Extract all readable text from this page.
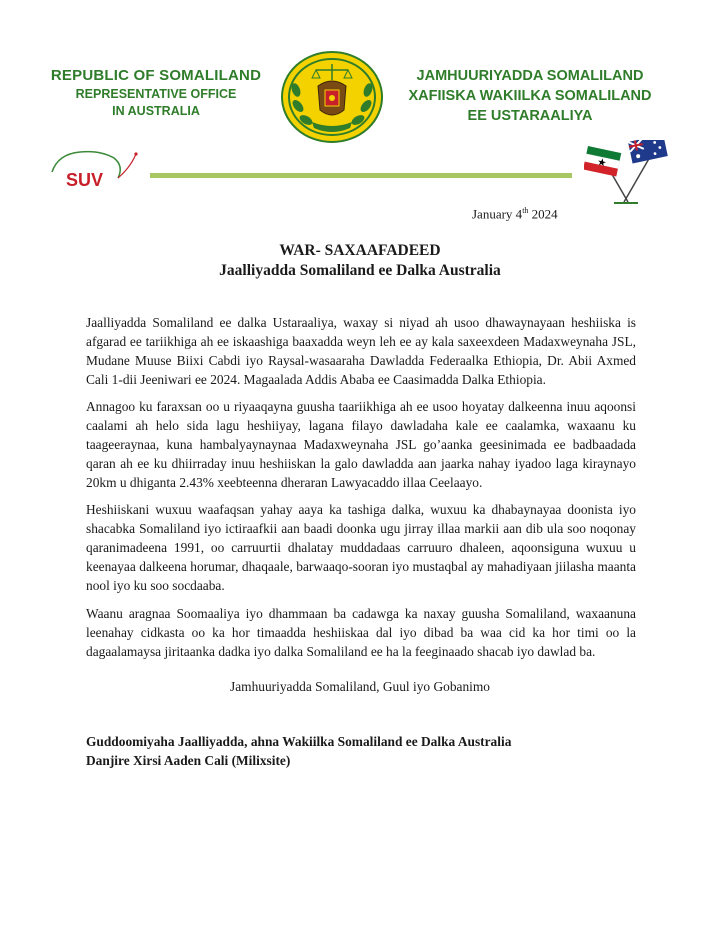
REPUBLIC OF SOMALILAND
REPRESENTATIVE OFFICE
IN AUSTRALIA
JAMHUURIYADDA SOMALILAND
XAFIISKA WAKIILKA SOMALILAND
EE USTARAALIYA
SUV
January 4th 2024
WAR- SAXAAFADEED
Jaalliyadda Somaliland ee Dalka Australia

Jaalliyadda Somaliland ee dalka Ustaraaliya, waxay si niyad ah usoo dhawaynayaan heshiiska is afgarad ee tariikhiga ah ee iskaashiga baaxadda weyn leh ee ay kala saxeexdeen Madaxweynaha JSL, Mudane Muuse Biixi Cabdi iyo Raysal-wasaaraha Dawladda Federaalka Ethiopia, Dr. Abii Axmed Cali 1-dii Jeeniwari ee 2024. Magaalada Addis Ababa ee Caasimadda Dalka Ethiopia.

Annagoo ku faraxsan oo u riyaaqayna guusha taariikhiga ah ee usoo hoyatay dalkeenna inuu aqoonsi caalami ah helo sida lagu heshiiyay, lagana filayo dawladaha kale ee caalamka, waxaanu ku taageeraynaa, kuna hambalyaynaynaa Madaxweynaha JSL go’aanka geesinimada ee badbaadada qaran ah ee ku dhiirraday inuu heshiiskan la galo dawladda aan jaarka nahay iyadoo laga kiraynayo 20km u dhiganta 2.43% xeebteenna dheraran Lawyacaddo illaa Ceelaayo.

Heshiiskani wuxuu waafaqsan yahay aaya ka tashiga dalka, wuxuu ka dhabaynayaa doonista iyo shacabka Somaliland iyo ictiraafkii aan baadi doonka ugu jirray illaa markii aan dib ula soo noqonay qaranimadeena 1991, oo carruurtii dhalatay muddadaas carruuro dhaleen, aqoonsiguna wuxuu u keenayaa dalkeena horumar, dhaqaale, barwaaqo-sooran iyo mustaqbal ay mahadiyaan jiilasha maanta nool iyo ku soo socdaaba.

Waanu aragnaa Soomaaliya iyo dhammaan ba cadawga ka naxay guusha Somaliland, waxaanuna leenahay cidkasta oo ka hor timaadda heshiiskaa dal iyo dibad ba waa cid ka hor timi oo la dagaalamaysa jiritaanka dadka iyo dalka Somaliland ee ha la feeginaado shacab iyo dawlad ba.

Jamhuuriyadda Somaliland, Guul iyo Gobanimo
Guddoomiyaha Jaalliyadda, ahna Wakiilka Somaliland ee Dalka Australia
Danjire Xirsi Aaden Cali (Milixsite)
